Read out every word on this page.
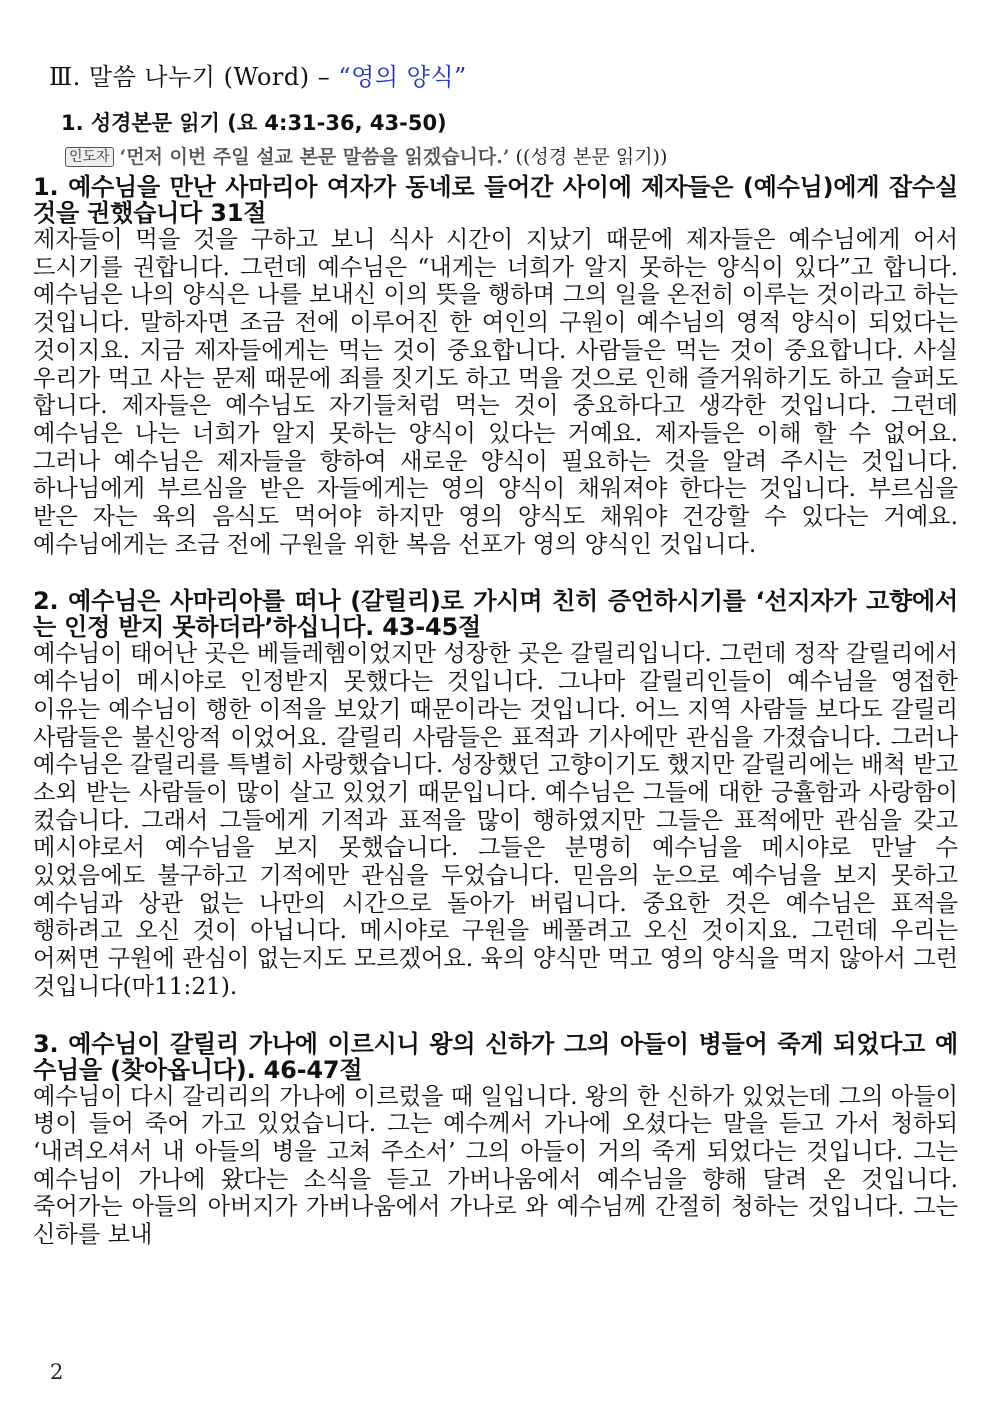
Ⅲ. 말씀 나누기 (Word) – “영의 양식”
1. 성경본문 읽기 (요 4:31-36, 43-50)
인도자 ‘먼저 이번 주일 설교 본문 말씀을 읽겠습니다.’ ((성경 본문 읽기))

1. 예수님을 만난 사마리아 여자가 동네로 들어간 사이에 제자들은 (예수님)에게 잡수실 것을 권했습니다 31절

제자들이 먹을 것을 구하고 보니 식사 시간이 지났기 때문에 제자들은 예수님에게 어서 드시기를 권합니다. 그런데 예수님은 “내게는 너희가 알지 못하는 양식이 있다”고 합니다. 예수님은 나의 양식은 나를 보내신 이의 뜻을 행하며 그의 일을 온전히 이루는 것이라고 하는 것입니다. 말하자면 조금 전에 이루어진 한 여인의 구원이 예수님의 영적 양식이 되었다는 것이지요. 지금 제자들에게는 먹는 것이 중요합니다. 사람들은 먹는 것이 중요합니다. 사실 우리가 먹고 사는 문제 때문에 죄를 짓기도 하고 먹을 것으로 인해 즐거워하기도 하고 슬퍼도 합니다. 제자들은 예수님도 자기들처럼 먹는 것이 중요하다고 생각한 것입니다. 그런데 예수님은 나는 너희가 알지 못하는 양식이 있다는 거예요. 제자들은 이해 할 수 없어요. 그러나 예수님은 제자들을 향하여 새로운 양식이 필요하는 것을 알려 주시는 것입니다. 하나님에게 부르심을 받은 자들에게는 영의 양식이 채워져야 한다는 것입니다. 부르심을 받은 자는 육의 음식도 먹어야 하지만 영의 양식도 채워야 건강할 수 있다는 거예요. 예수님에게는 조금 전에 구원을 위한 복음 선포가 영의 양식인 것입니다.

2. 예수님은 사마리아를 떠나 (갈릴리)로 가시며 친히 증언하시기를 ‘선지자가 고향에서는 인정 받지 못하더라’하십니다. 43-45절

예수님이 태어난 곳은 베들레헴이었지만 성장한 곳은 갈릴리입니다. 그런데 정작 갈릴리에서 예수님이 메시야로 인정받지 못했다는 것입니다. 그나마 갈릴리인들이 예수님을 영접한 이유는 예수님이 행한 이적을 보았기 때문이라는 것입니다. 어느 지역 사람들 보다도 갈릴리 사람들은 불신앙적 이었어요. 갈릴리 사람들은 표적과 기사에만 관심을 가졌습니다. 그러나 예수님은 갈릴리를 특별히 사랑했습니다. 성장했던 고향이기도 했지만 갈릴리에는 배척 받고 소외 받는 사람들이 많이 살고 있었기 때문입니다. 예수님은 그들에 대한 긍휼함과 사랑함이 컸습니다. 그래서 그들에게 기적과 표적을 많이 행하였지만 그들은 표적에만 관심을 갖고 메시야로서 예수님을 보지 못했습니다. 그들은 분명히 예수님을 메시야로 만날 수 있었음에도 불구하고 기적에만 관심을 두었습니다. 믿음의 눈으로 예수님을 보지 못하고 예수님과 상관 없는 나만의 시간으로 돌아가 버립니다. 중요한 것은 예수님은 표적을 행하려고 오신 것이 아닙니다. 메시야로 구원을 베풀려고 오신 것이지요. 그런데 우리는 어쩌면 구원에 관심이 없는지도 모르겠어요. 육의 양식만 먹고 영의 양식을 먹지 않아서 그런 것입니다(마11:21).

3. 예수님이 갈릴리 가나에 이르시니 왕의 신하가 그의 아들이 병들어 죽게 되었다고 예수님을 (찾아옵니다). 46-47절

예수님이 다시 갈리리의 가나에 이르렀을 때 일입니다. 왕의 한 신하가 있었는데 그의 아들이 병이 들어 죽어 가고 있었습니다. 그는 예수께서 가나에 오셨다는 말을 듣고 가서 청하되 ‘내려오셔서 내 아들의 병을 고쳐 주소서’ 그의 아들이 거의 죽게 되었다는 것입니다. 그는 예수님이 가나에 왔다는 소식을 듣고 가버나움에서 예수님을 향해 달려 온 것입니다. 죽어가는 아들의 아버지가 가버나움에서 가나로 와 예수님께 간절히 청하는 것입니다. 그는 신하를 보내

2
